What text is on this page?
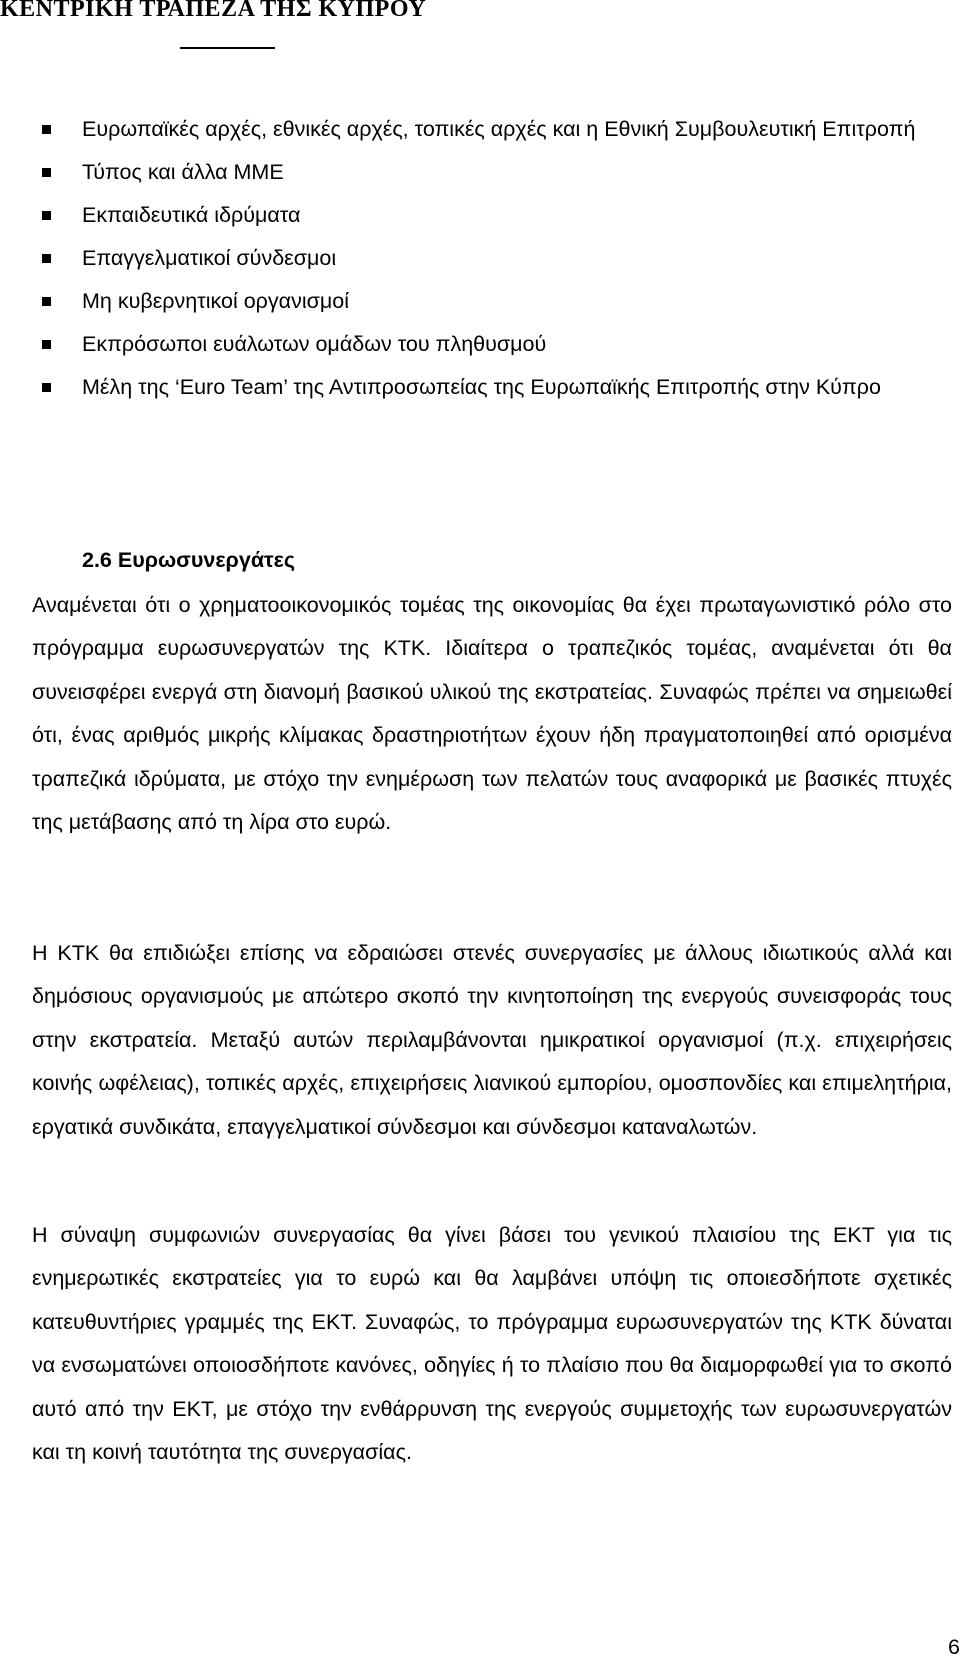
ΚΕΝΤΡΙΚΗ ΤΡΑΠΕΖΑ ΤΗΣ ΚΥΠΡΟΥ
Ευρωπαϊκές αρχές, εθνικές αρχές, τοπικές αρχές και η Εθνική Συμβουλευτική Επιτροπή
Τύπος και άλλα ΜΜΕ
Εκπαιδευτικά ιδρύματα
Επαγγελματικοί σύνδεσμοι
Μη κυβερνητικοί οργανισμοί
Εκπρόσωποι ευάλωτων ομάδων του πληθυσμού
Μέλη της ‘Euro Team’ της Αντιπροσωπείας της Ευρωπαϊκής Επιτροπής στην Κύπρο
2.6 Ευρωσυνεργάτες

Αναμένεται ότι ο χρηματοοικονομικός τομέας της οικονομίας θα έχει πρωταγωνιστικό ρόλο στο πρόγραμμα ευρωσυνεργατών της ΚΤΚ. Ιδιαίτερα ο τραπεζικός τομέας, αναμένεται ότι θα συνεισφέρει ενεργά στη διανομή βασικού υλικού της εκστρατείας. Συναφώς πρέπει να σημειωθεί ότι, ένας αριθμός μικρής κλίμακας δραστηριοτήτων έχουν ήδη πραγματοποιηθεί από ορισμένα τραπεζικά ιδρύματα, με στόχο την ενημέρωση των πελατών τους αναφορικά με βασικές πτυχές της μετάβασης από τη λίρα στο ευρώ.

Η ΚΤΚ θα επιδιώξει επίσης να εδραιώσει στενές συνεργασίες με άλλους ιδιωτικούς αλλά και δημόσιους οργανισμούς με απώτερο σκοπό την κινητοποίηση της ενεργούς συνεισφοράς τους στην εκστρατεία. Μεταξύ αυτών περιλαμβάνονται ημικρατικοί οργανισμοί (π.χ. επιχειρήσεις κοινής ωφέλειας), τοπικές αρχές, επιχειρήσεις λιανικού εμπορίου, ομοσπονδίες και επιμελητήρια, εργατικά συνδικάτα, επαγγελματικοί σύνδεσμοι και σύνδεσμοι καταναλωτών.

Η σύναψη συμφωνιών συνεργασίας θα γίνει βάσει του γενικού πλαισίου της ΕΚΤ για τις ενημερωτικές εκστρατείες για το ευρώ και θα λαμβάνει υπόψη τις οποιεσδήποτε σχετικές κατευθυντήριες γραμμές της ΕΚΤ. Συναφώς, το πρόγραμμα ευρωσυνεργατών της ΚΤΚ δύναται να ενσωματώνει οποιοσδήποτε κανόνες, οδηγίες ή το πλαίσιο που θα διαμορφωθεί για το σκοπό αυτό από την ΕΚΤ, με στόχο την ενθάρρυνση της ενεργούς συμμετοχής των ευρωσυνεργατών και τη κοινή ταυτότητα της συνεργασίας.

6
